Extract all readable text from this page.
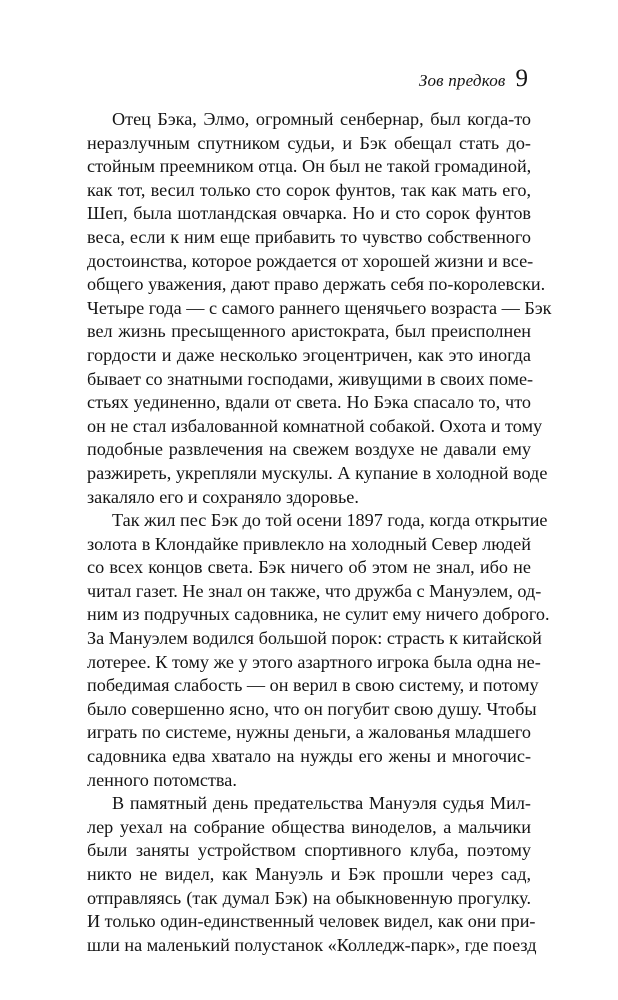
Зов предков 9
Отец Бэка, Элмо, огромный сенбернар, был когда-то
неразлучным спутником судьи, и Бэк обещал стать до-
стойным преемником отца. Он был не такой громадиной,
как тот, весил только сто сорок фунтов, так как мать его,
Шеп, была шотландская овчарка. Но и сто сорок фунтов
веса, если к ним еще прибавить то чувство собственного
достоинства, которое рождается от хорошей жизни и все-
общего уважения, дают право держать себя по-королевски.
Четыре года — с самого раннего щенячьего возраста — Бэк
вел жизнь пресыщенного аристократа, был преисполнен
гордости и даже несколько эгоцентричен, как это иногда
бывает со знатными господами, живущими в своих поме-
стьях уединенно, вдали от света. Но Бэка спасало то, что
он не стал избалованной комнатной собакой. Охота и тому
подобные развлечения на свежем воздухе не давали ему
разжиреть, укрепляли мускулы. А купание в холодной воде
закаляло его и сохраняло здоровье.
Так жил пес Бэк до той осени 1897 года, когда открытие
золота в Клондайке привлекло на холодный Север людей
со всех концов света. Бэк ничего об этом не знал, ибо не
читал газет. Не знал он также, что дружба с Мануэлем, од-
ним из подручных садовника, не сулит ему ничего доброго.
За Мануэлем водился большой порок: страсть к китайской
лотерее. К тому же у этого азартного игрока была одна не-
победимая слабость — он верил в свою систему, и потому
было совершенно ясно, что он погубит свою душу. Чтобы
играть по системе, нужны деньги, а жалованья младшего
садовника едва хватало на нужды его жены и многочис-
ленного потомства.
В памятный день предательства Мануэля судья Мил-
лер уехал на собрание общества виноделов, а мальчики
были заняты устройством спортивного клуба, поэтому
никто не видел, как Мануэль и Бэк прошли через сад,
отправляясь (так думал Бэк) на обыкновенную прогулку.
И только один-единственный человек видел, как они при-
шли на маленький полустанок «Колледж-парк», где поезд
